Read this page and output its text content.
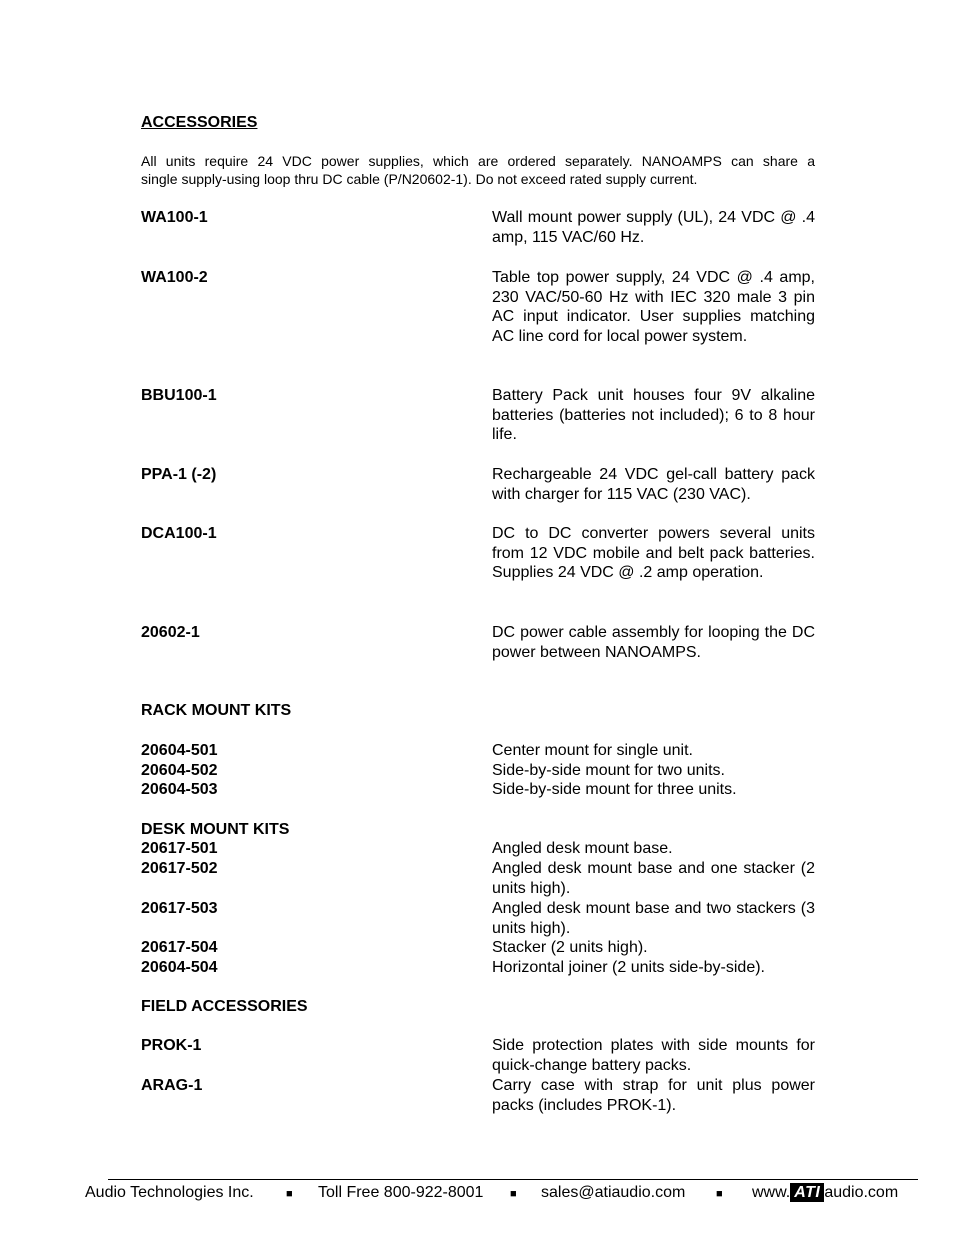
ACCESSORIES
All units require 24 VDC power supplies, which are ordered separately. NANOAMPS can share a
single supply-using loop thru DC cable (P/N20602-1). Do not exceed rated supply current.
WA100-1	Wall mount power supply (UL), 24 VDC @ .4 amp, 115 VAC/60 Hz.
WA100-2	Table top power supply, 24 VDC @ .4 amp, 230 VAC/50-60 Hz with IEC 320 male 3 pin AC input indicator. User supplies matching AC line cord for local power system.
BBU100-1	Battery Pack unit houses four 9V alkaline batteries (batteries not included); 6 to 8 hour life.
PPA-1 (-2)	Rechargeable 24 VDC gel-call battery pack with charger for 115 VAC (230 VAC).
DCA100-1	DC to DC converter powers several units from 12 VDC mobile and belt pack batteries. Supplies 24 VDC @ .2 amp operation.
20602-1	DC power cable assembly for looping the DC power between NANOAMPS.
RACK MOUNT KITS
20604-501	Center mount for single unit.
20604-502	Side-by-side mount for two units.
20604-503	Side-by-side mount for three units.
DESK MOUNT KITS
20617-501	Angled desk mount base.
20617-502	Angled desk mount base and one stacker (2 units high).
20617-503	Angled desk mount base and two stackers (3 units high).
20617-504	Stacker (2 units high).
20604-504	Horizontal joiner (2 units side-by-side).
FIELD ACCESSORIES
PROK-1	Side protection plates with side mounts for quick-change battery packs.
ARAG-1	Carry case with strap for unit plus power packs (includes PROK-1).
Audio Technologies Inc.	■ Toll Free 800-922-8001 ■ sales@atiaudio.com	■ www. ATI audio.com
